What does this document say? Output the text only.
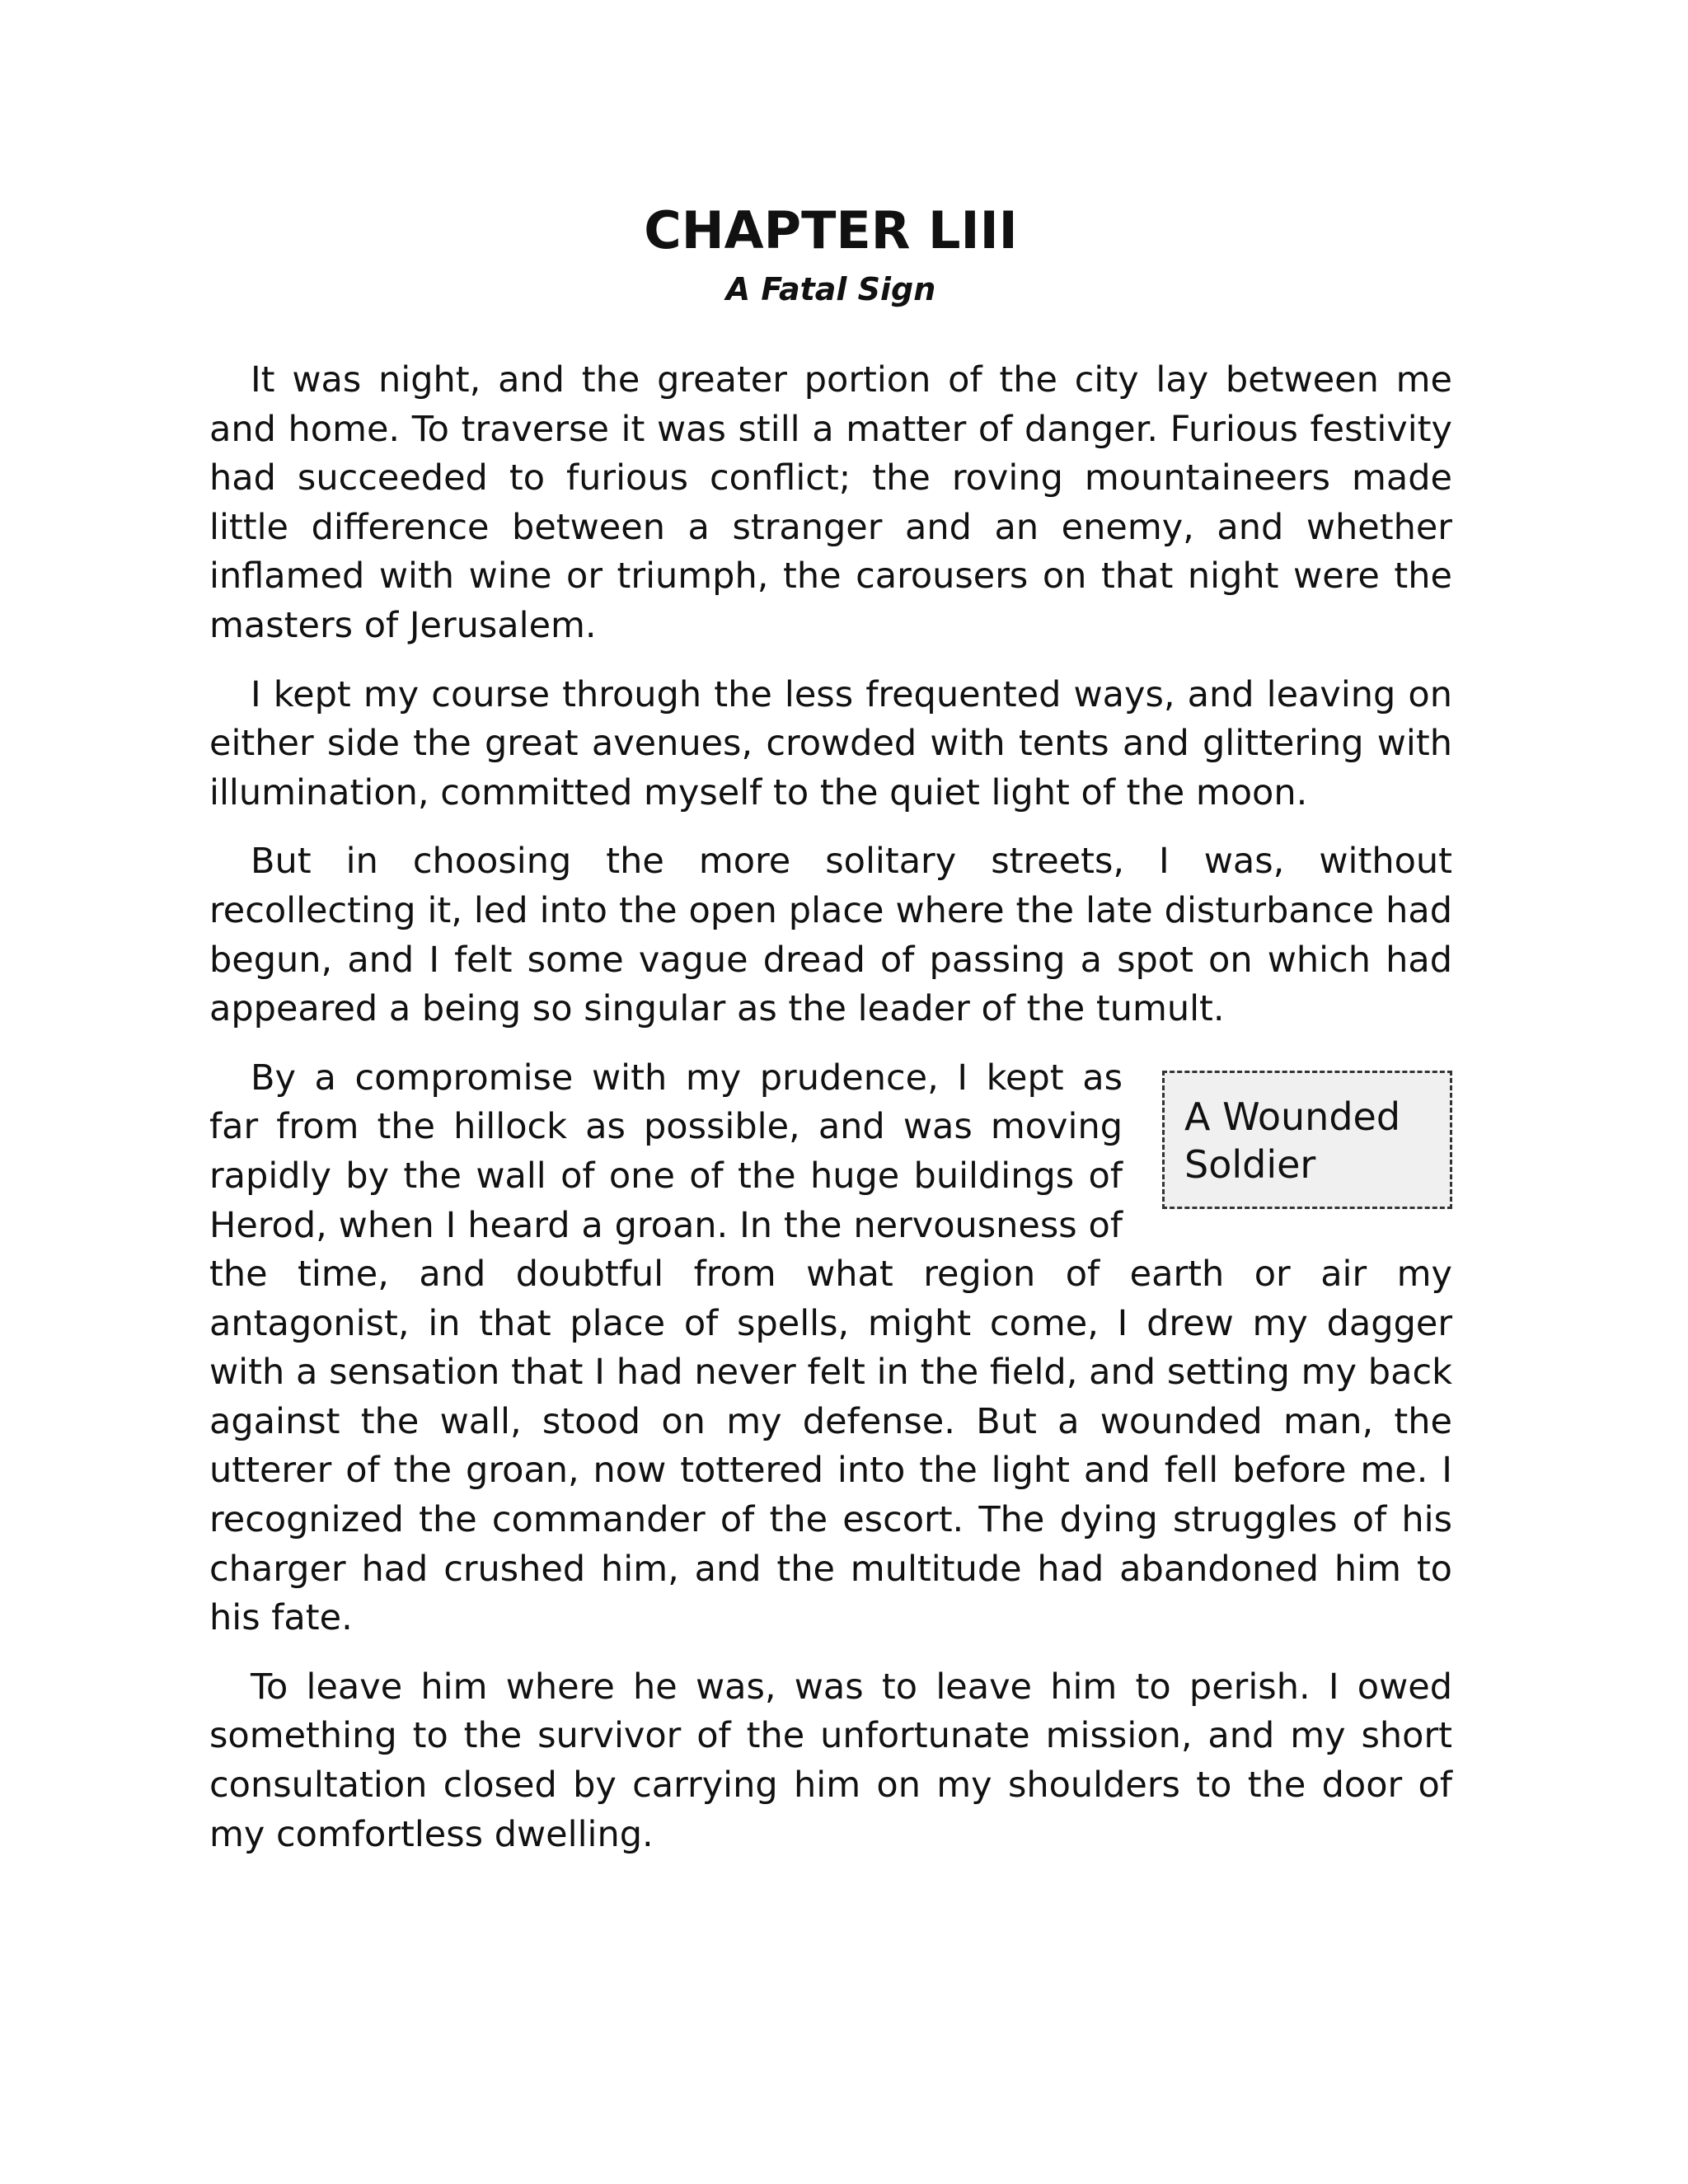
CHAPTER LIII
A Fatal Sign

It was night, and the greater portion of the city lay between me and home. To traverse it was still a matter of danger. Furious festivity had succeeded to furious conflict; the roving mountaineers made little difference between a stranger and an enemy, and whether inflamed with wine or triumph, the carousers on that night were the masters of Jerusalem.

I kept my course through the less frequented ways, and leaving on either side the great avenues, crowded with tents and glittering with illumination, committed myself to the quiet light of the moon.

But in choosing the more solitary streets, I was, without recollecting it, led into the open place where the late disturbance had begun, and I felt some vague dread of passing a spot on which had appeared a being so singular as the leader of the tumult.

A Wounded Soldier

By a compromise with my prudence, I kept as far from the hillock as possible, and was moving rapidly by the wall of one of the huge buildings of Herod, when I heard a groan. In the nervousness of the time, and doubtful from what region of earth or air my antagonist, in that place of spells, might come, I drew my dagger with a sensation that I had never felt in the field, and setting my back against the wall, stood on my defense. But a wounded man, the utterer of the groan, now tottered into the light and fell before me. I recognized the commander of the escort. The dying struggles of his charger had crushed him, and the multitude had abandoned him to his fate.

To leave him where he was, was to leave him to perish. I owed something to the survivor of the unfortunate mission, and my short consultation closed by carrying him on my shoulders to the door of my comfortless dwelling.
